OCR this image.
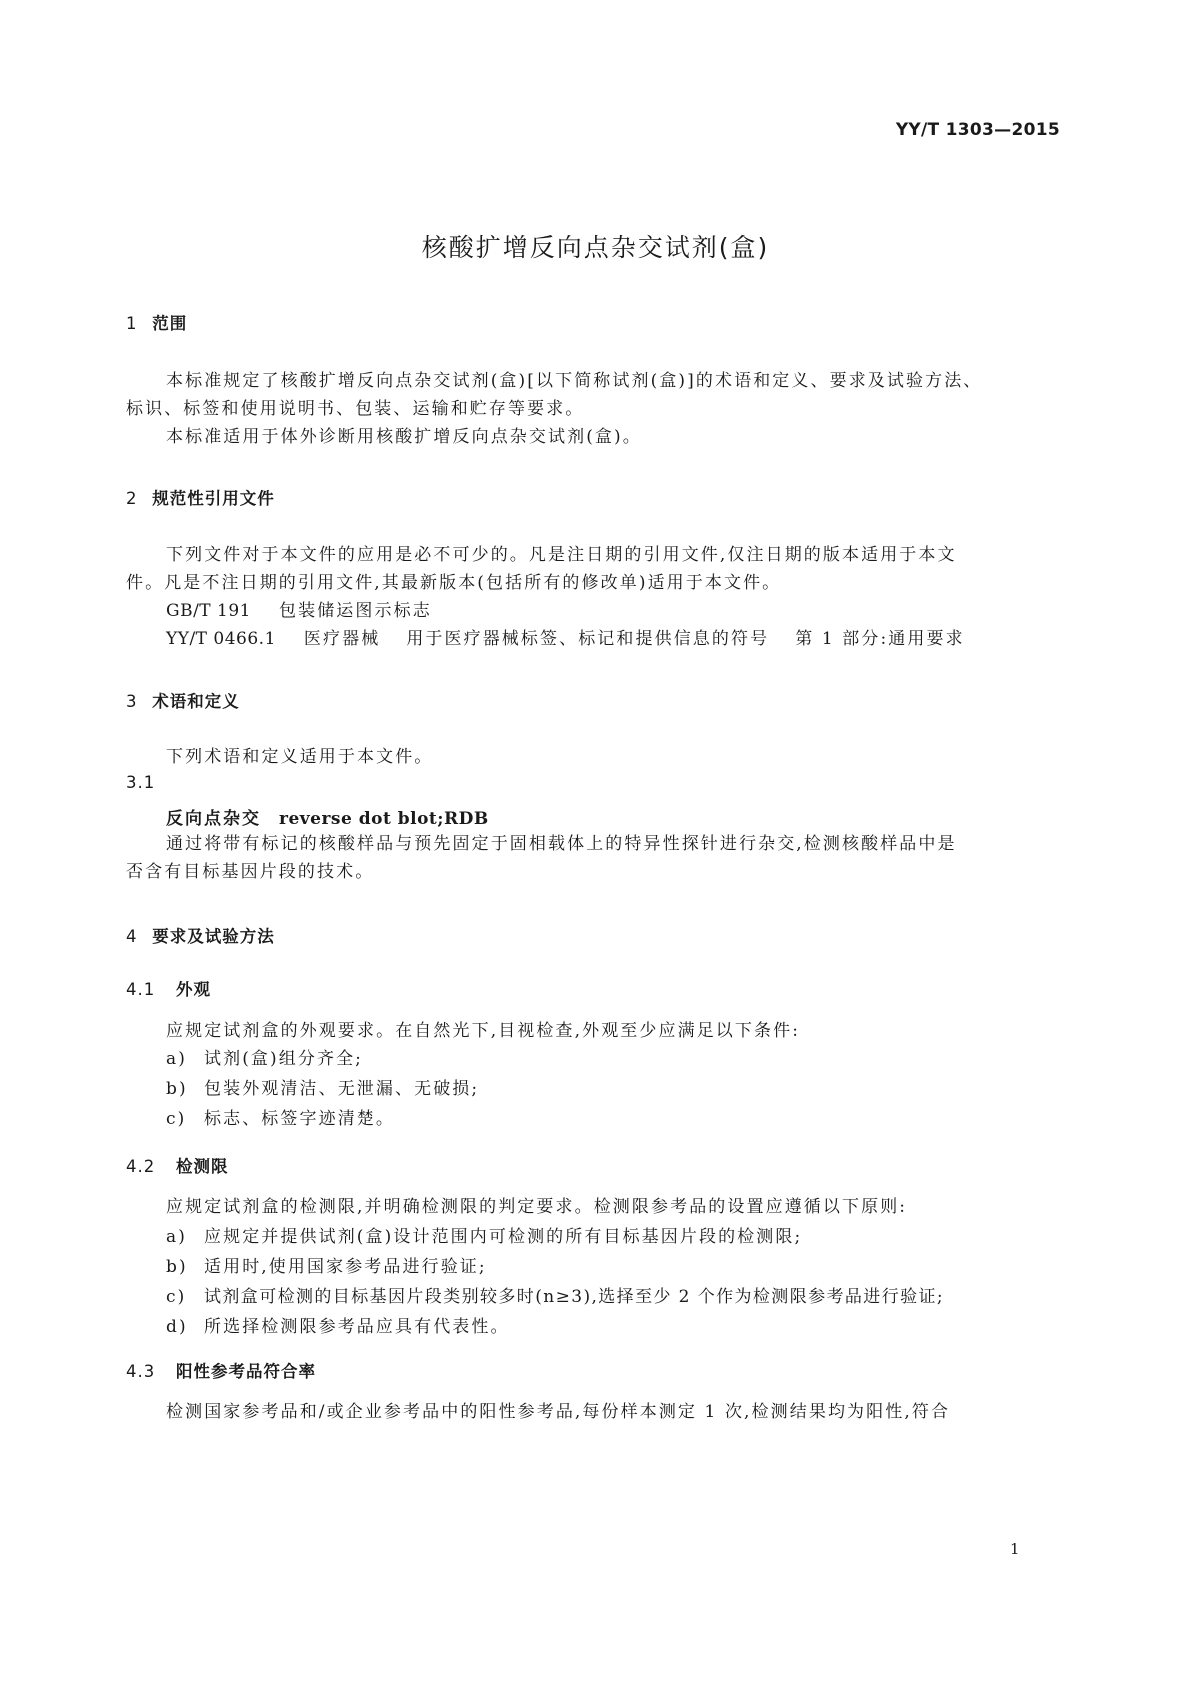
YY/T 1303—2015
核酸扩增反向点杂交试剂(盒)
1 范围
本标准规定了核酸扩增反向点杂交试剂(盒)[以下简称试剂(盒)]的术语和定义、要求及试验方法、
标识、标签和使用说明书、包装、运输和贮存等要求。
本标准适用于体外诊断用核酸扩增反向点杂交试剂(盒)。
2 规范性引用文件
下列文件对于本文件的应用是必不可少的。凡是注日期的引用文件,仅注日期的版本适用于本文
件。凡是不注日期的引用文件,其最新版本(包括所有的修改单)适用于本文件。
GB/T 191 包装储运图示标志
YY/T 0466.1 医疗器械 用于医疗器械标签、标记和提供信息的符号 第 1 部分:通用要求
3 术语和定义
下列术语和定义适用于本文件。
3.1
反向点杂交 reverse dot blot;RDB
通过将带有标记的核酸样品与预先固定于固相载体上的特异性探针进行杂交,检测核酸样品中是
否含有目标基因片段的技术。
4 要求及试验方法
4.1 外观
应规定试剂盒的外观要求。在自然光下,目视检查,外观至少应满足以下条件:
a) 试剂(盒)组分齐全;
b) 包装外观清洁、无泄漏、无破损;
c) 标志、标签字迹清楚。
4.2 检测限
应规定试剂盒的检测限,并明确检测限的判定要求。检测限参考品的设置应遵循以下原则:
a) 应规定并提供试剂(盒)设计范围内可检测的所有目标基因片段的检测限;
b) 适用时,使用国家参考品进行验证;
c) 试剂盒可检测的目标基因片段类别较多时(n≥3),选择至少 2 个作为检测限参考品进行验证;
d) 所选择检测限参考品应具有代表性。
4.3 阳性参考品符合率
检测国家参考品和/或企业参考品中的阳性参考品,每份样本测定 1 次,检测结果均为阳性,符合
1
